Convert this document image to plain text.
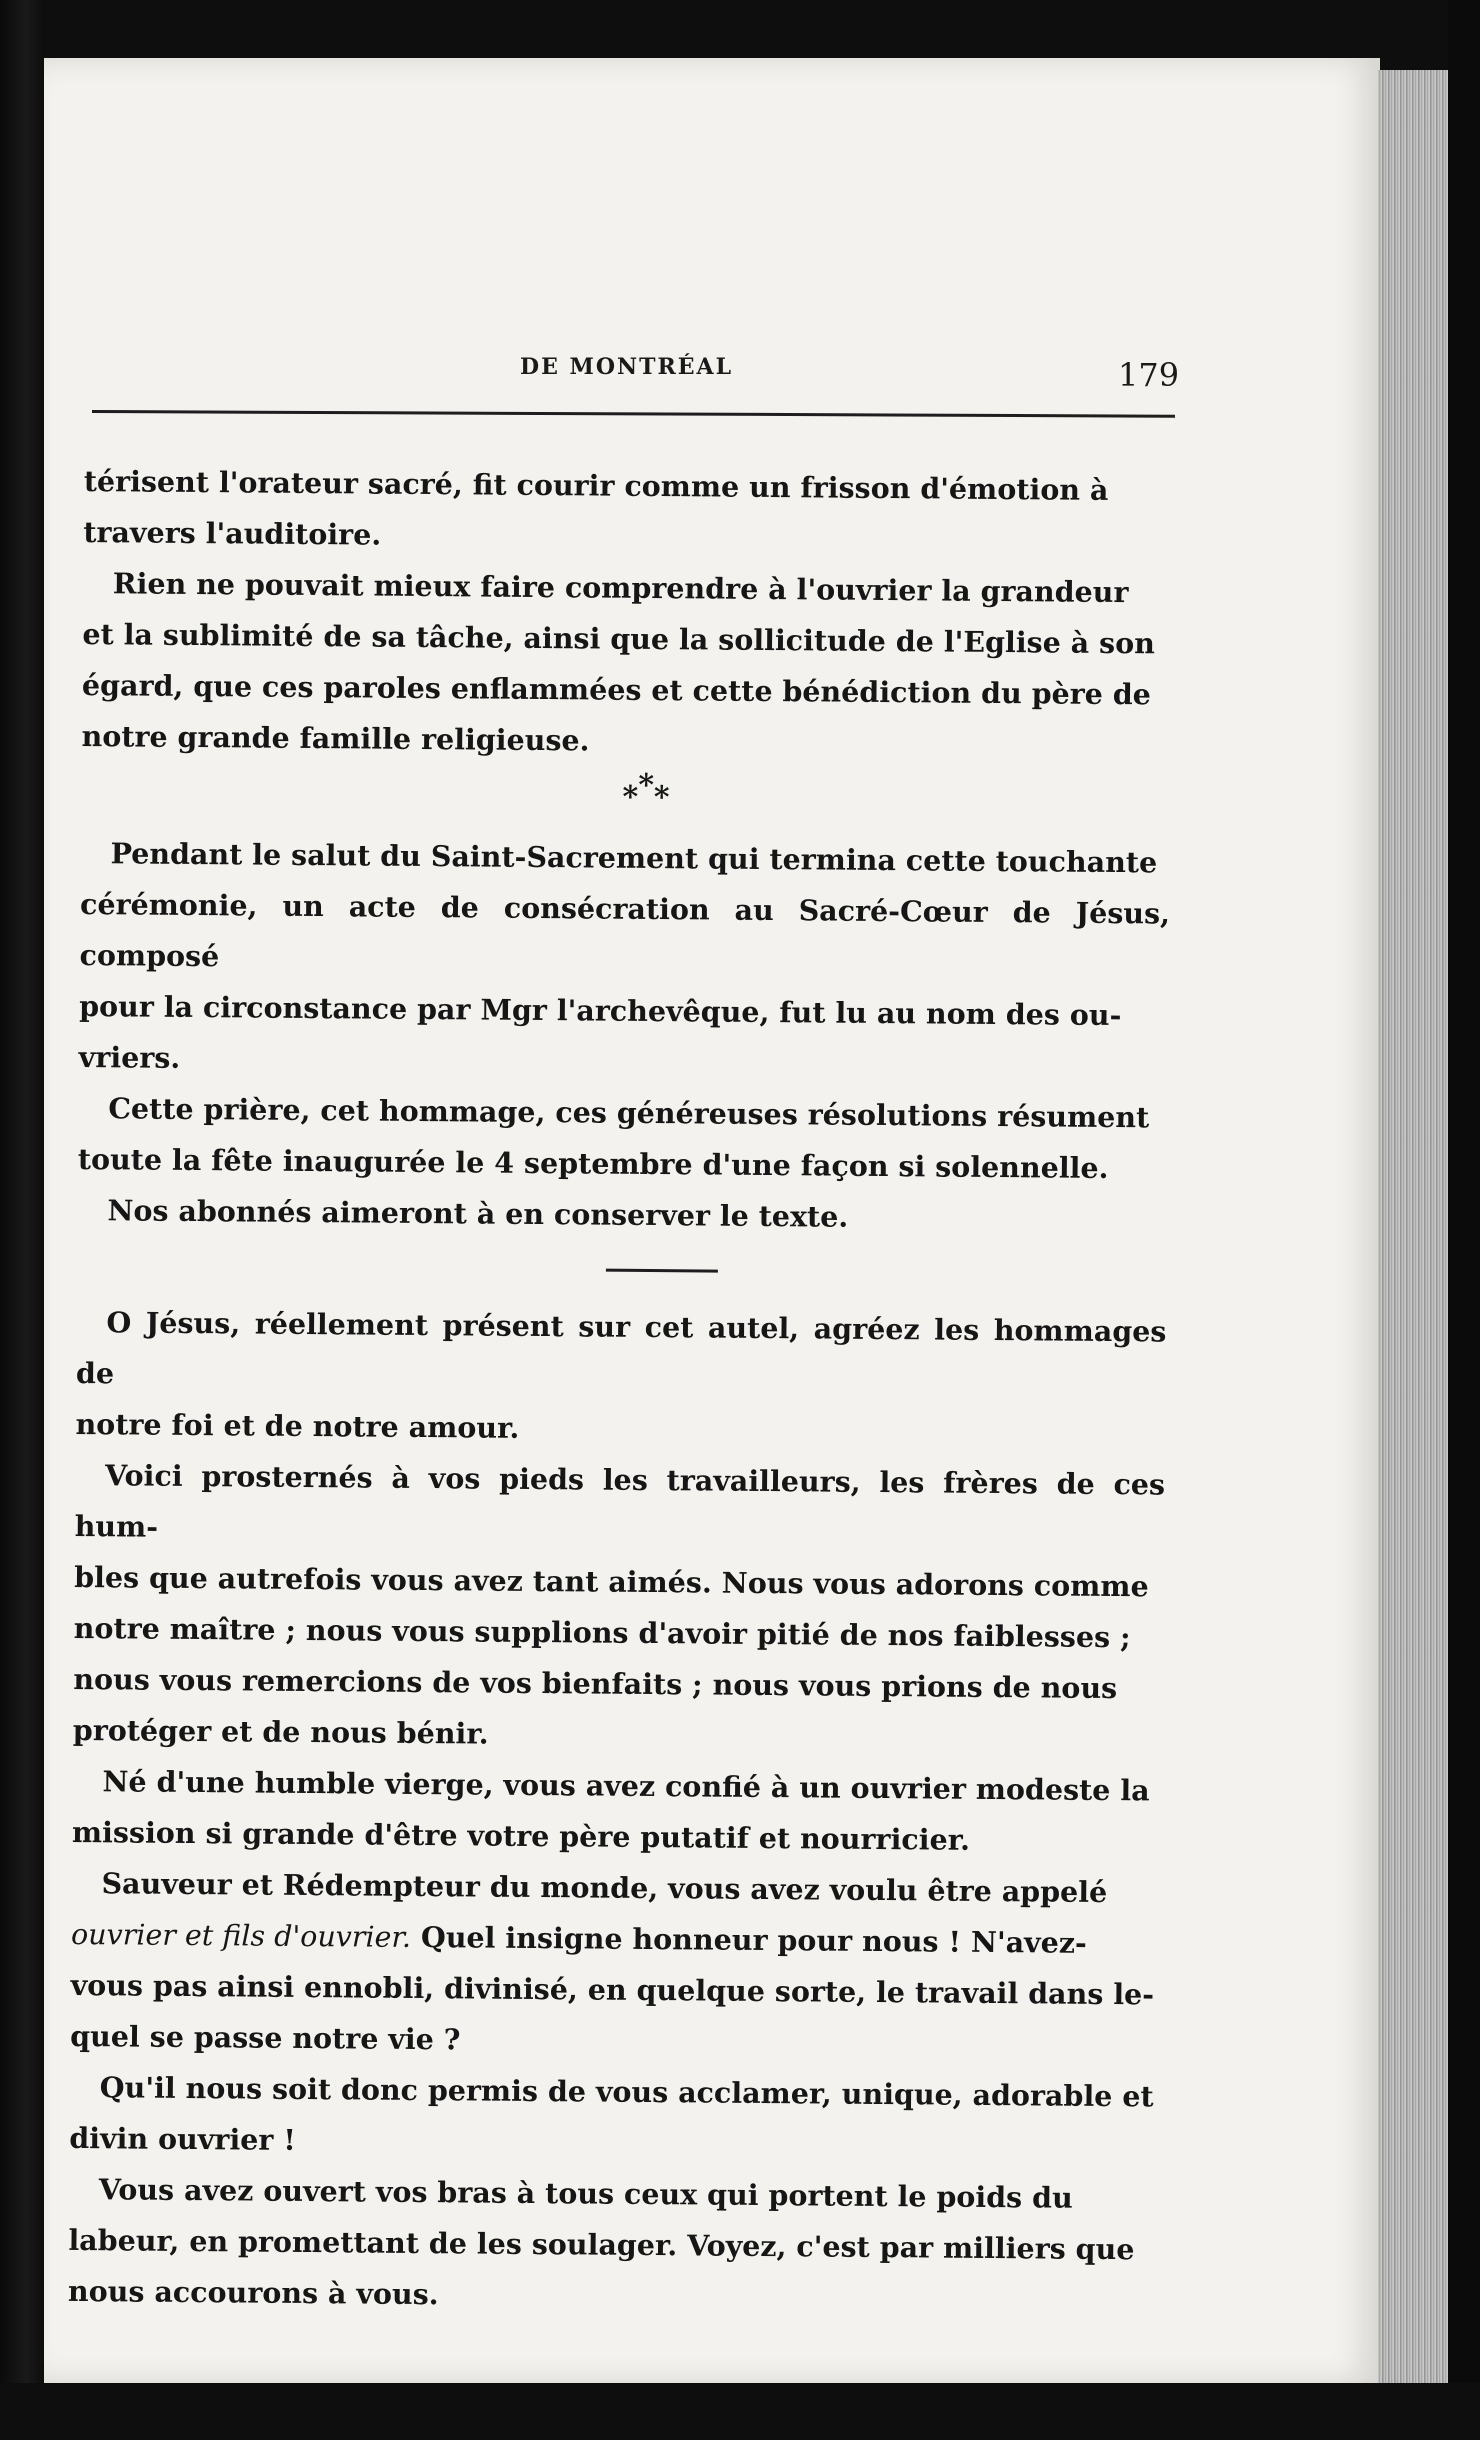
DE MONTRÉAL	179

térisent l'orateur sacré, fit courir comme un frisson d'émotion à
travers l'auditoire.

Rien ne pouvait mieux faire comprendre à l'ouvrier la grandeur
et la sublimité de sa tâche, ainsi que la sollicitude de l'Eglise à son
égard, que ces paroles enflammées et cette bénédiction du père de
notre grande famille religieuse.

***

Pendant le salut du Saint-Sacrement qui termina cette touchante
cérémonie, un acte de consécration au Sacré-Cœur de Jésus, composé
pour la circonstance par Mgr l'archevêque, fut lu au nom des ou-
vriers.

Cette prière, cet hommage, ces généreuses résolutions résument
toute la fête inaugurée le 4 septembre d'une façon si solennelle.

Nos abonnés aimeront à en conserver le texte.

O Jésus, réellement présent sur cet autel, agréez les hommages de
notre foi et de notre amour.

Voici prosternés à vos pieds les travailleurs, les frères de ces hum-
bles que autrefois vous avez tant aimés. Nous vous adorons comme
notre maître ; nous vous supplions d'avoir pitié de nos faiblesses ;
nous vous remercions de vos bienfaits ; nous vous prions de nous
protéger et de nous bénir.

Né d'une humble vierge, vous avez confié à un ouvrier modeste la
mission si grande d'être votre père putatif et nourricier.

Sauveur et Rédempteur du monde, vous avez voulu être appelé
ouvrier et fils d'ouvrier. Quel insigne honneur pour nous ! N'avez-
vous pas ainsi ennobli, divinisé, en quelque sorte, le travail dans le-
quel se passe notre vie ?

Qu'il nous soit donc permis de vous acclamer, unique, adorable et
divin ouvrier !

Vous avez ouvert vos bras à tous ceux qui portent le poids du
labeur, en promettant de les soulager. Voyez, c'est par milliers que
nous accourons à vous.
